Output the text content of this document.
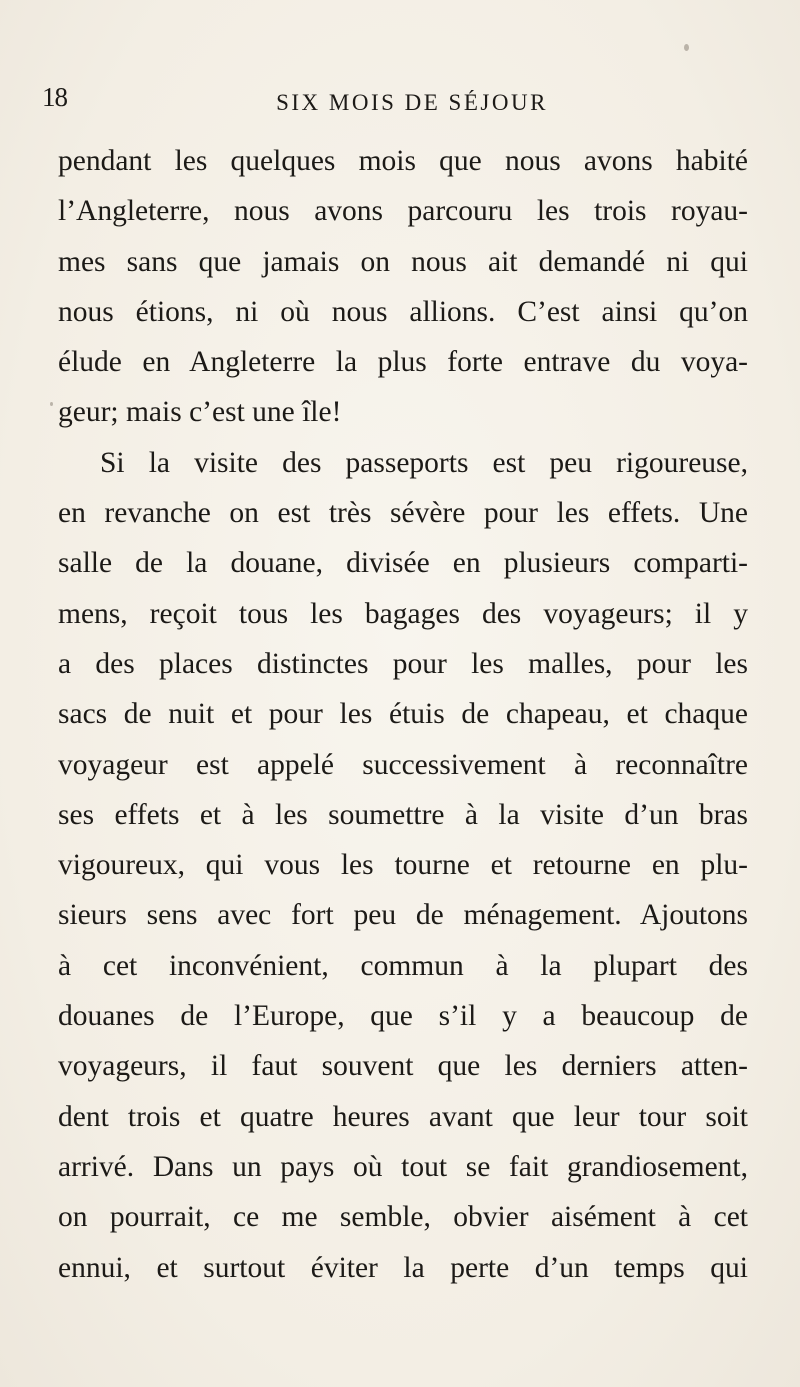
18	SIX MOIS DE SÉJOUR
pendant les quelques mois que nous avons habité
l’Angleterre, nous avons parcouru les trois royau-
mes sans que jamais on nous ait demandé ni qui
nous étions, ni où nous allions. C’est ainsi qu’on
élude en Angleterre la plus forte entrave du voya-
geur; mais c’est une île!
Si la visite des passeports est peu rigoureuse,
en revanche on est très sévère pour les effets. Une
salle de la douane, divisée en plusieurs comparti-
mens, reçoit tous les bagages des voyageurs; il y
a des places distinctes pour les malles, pour les
sacs de nuit et pour les étuis de chapeau, et chaque
voyageur est appelé successivement à reconnaître
ses effets et à les soumettre à la visite d’un bras
vigoureux, qui vous les tourne et retourne en plu-
sieurs sens avec fort peu de ménagement. Ajoutons
à cet inconvénient, commun à la plupart des
douanes de l’Europe, que s’il y a beaucoup de
voyageurs, il faut souvent que les derniers atten-
dent trois et quatre heures avant que leur tour soit
arrivé. Dans un pays où tout se fait grandiosement,
on pourrait, ce me semble, obvier aisément à cet
ennui, et surtout éviter la perte d’un temps qui
